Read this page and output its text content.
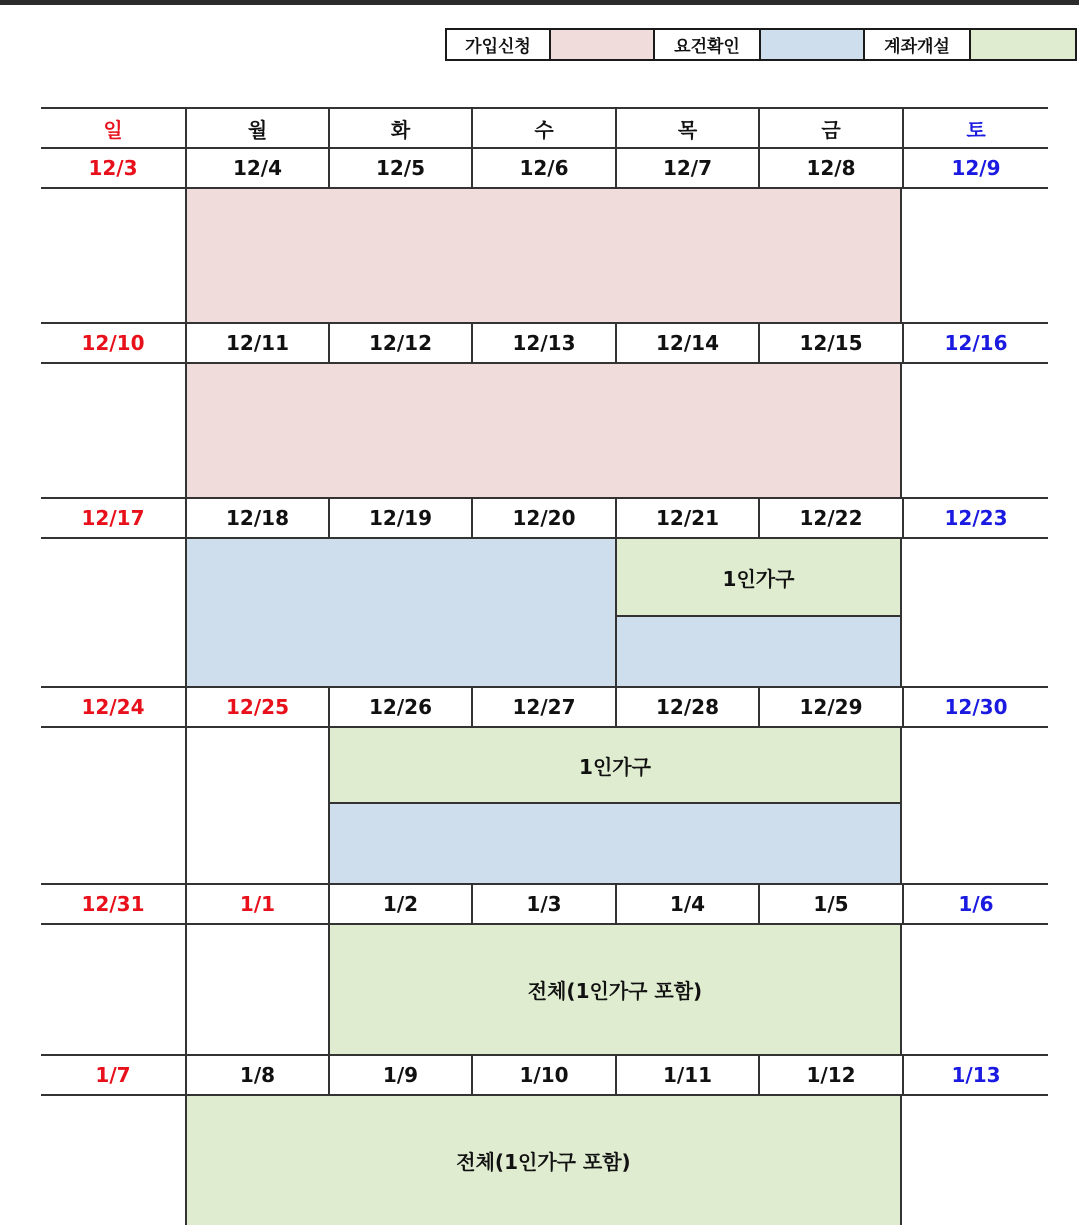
가입신청	요건확인	계좌개설
일	월	화	수	목	금	토
12/3	12/4	12/5	12/6	12/7	12/8	12/9
12/10	12/11	12/12	12/13	12/14	12/15	12/16
12/17	12/18	12/19	12/20	12/21	12/22	12/23
1인가구
12/24	12/25	12/26	12/27	12/28	12/29	12/30
1인가구
12/31	1/1	1/2	1/3	1/4	1/5	1/6
전체(1인가구 포함)
1/7	1/8	1/9	1/10	1/11	1/12	1/13
전체(1인가구 포함)
